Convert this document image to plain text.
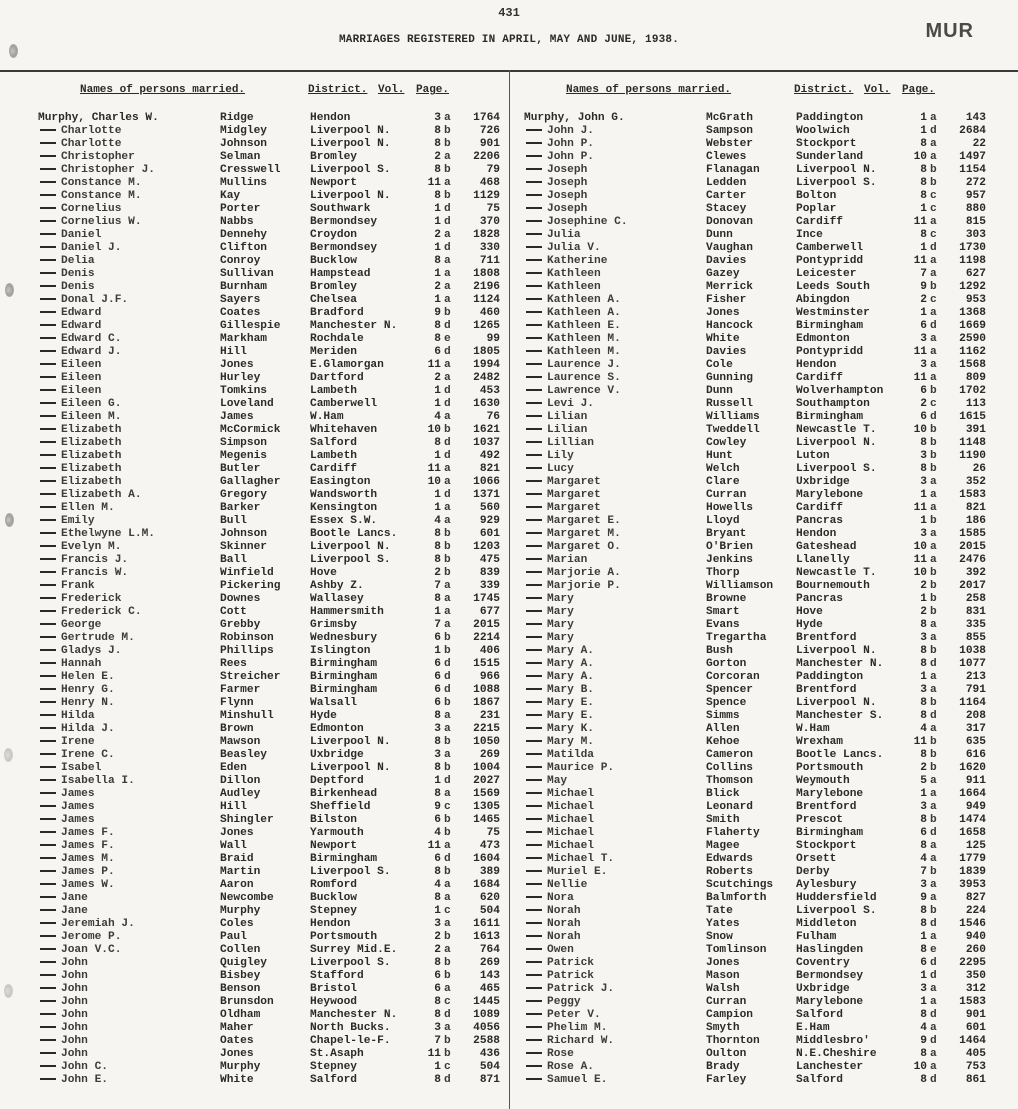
431
MARRIAGES REGISTERED IN APRIL, MAY AND JUNE, 1938.	MUR
Names of persons married.	District. Vol.	Page.
Murphy, Charles W.	Ridge	Hendon	3 a	1764
Charlotte	Midgley	Liverpool N.	8 b	726
Charlotte	Johnson	Liverpool N.	8 b	901
Christopher	Selman	Bromley	2 a	2206
Christopher J.	Cresswell	Liverpool S.	8 b	79
Constance M.	Mullins	Newport	11 a	468
Constance M.	Kay	Liverpool N.	8 b	1129
Cornelius	Porter	Southwark	1 d	75
Cornelius W.	Nabbs	Bermondsey	1 d	370
Daniel	Dennehy	Croydon	2 a	1828
Daniel J.	Clifton	Bermondsey	1 d	330
Delia	Conroy	Bucklow	8 a	711
Denis	Sullivan	Hampstead	1 a	1808
Denis	Burnham	Bromley	2 a	2196
Donal J.F.	Sayers	Chelsea	1 a	1124
Edward	Coates	Bradford	9 b	460
Edward	Gillespie	Manchester N.	8 d	1265
Edward C.	Markham	Rochdale	8 e	99
Edward J.	Hill	Meriden	6 d	1805
Eileen	Jones	E.Glamorgan	11 a	1994
Eileen	Hurley	Dartford	2 a	2482
Eileen	Tomkins	Lambeth	1 d	453
Eileen G.	Loveland	Camberwell	1 d	1630
Eileen M.	James	W.Ham	4 a	76
Elizabeth	McCormick	Whitehaven	10 b	1621
Elizabeth	Simpson	Salford	8 d	1037
Elizabeth	Megenis	Lambeth	1 d	492
Elizabeth	Butler	Cardiff	11 a	821
Elizabeth	Gallagher	Easington	10 a	1066
Elizabeth A.	Gregory	Wandsworth	1 d	1371
Ellen M.	Barker	Kensington	1 a	560
Emily	Bull	Essex S.W.	4 a	929
Ethelwyne L.M.	Johnson	Bootle Lancs.	8 b	601
Evelyn M.	Skinner	Liverpool N.	8 b	1203
Francis J.	Ball	Liverpool S.	8 b	475
Francis W.	Winfield	Hove	2 b	839
Frank	Pickering	Ashby Z.	7 a	339
Frederick	Downes	Wallasey	8 a	1745
Frederick C.	Cott	Hammersmith	1 a	677
George	Grebby	Grimsby	7 a	2015
Gertrude M.	Robinson	Wednesbury	6 b	2214
Gladys J.	Phillips	Islington	1 b	406
Hannah	Rees	Birmingham	6 d	1515
Helen E.	Streicher	Birmingham	6 d	966
Henry G.	Farmer	Birmingham	6 d	1088
Henry N.	Flynn	Walsall	6 b	1867
Hilda	Minshull	Hyde	8 a	231
Hilda J.	Brown	Edmonton	3 a	2215
Irene	Mawson	Liverpool N.	8 b	1050
Irene C.	Beasley	Uxbridge	3 a	269
Isabel	Eden	Liverpool N.	8 b	1004
Isabella I.	Dillon	Deptford	1 d	2027
James	Audley	Birkenhead	8 a	1569
James	Hill	Sheffield	9 c	1305
James	Shingler	Bilston	6 b	1465
James F.	Jones	Yarmouth	4 b	75
James F.	Wall	Newport	11 a	473
James M.	Braid	Birmingham	6 d	1604
James P.	Martin	Liverpool S.	8 b	389
James W.	Aaron	Romford	4 a	1684
Jane	Newcombe	Bucklow	8 a	620
Jane	Murphy	Stepney	1 c	504
Jeremiah J.	Coles	Hendon	3 a	1611
Jerome P.	Paul	Portsmouth	2 b	1613
Joan V.C.	Collen	Surrey Mid.E.	2 a	764
John	Quigley	Liverpool S.	8 b	269
John	Bisbey	Stafford	6 b	143
John	Benson	Bristol	6 a	465
John	Brunsdon	Heywood	8 c	1445
John	Oldham	Manchester N.	8 d	1089
John	Maher	North Bucks.	3 a	4056
John	Oates	Chapel-le-F.	7 b	2588
John	Jones	St.Asaph	11 b	436
John C.	Murphy	Stepney	1 c	504
John E.	White	Salford	8 d	871
Names of persons married.	District. Vol.	Page.
Murphy, John G.	McGrath	Paddington	1 a	143
John J.	Sampson	Woolwich	1 d	2684
John P.	Webster	Stockport	8 a	22
John P.	Clewes	Sunderland	10 a	1497
Joseph	Flanagan	Liverpool N.	8 b	1154
Joseph	Ledden	Liverpool S.	8 b	272
Joseph	Carter	Bolton	8 c	957
Joseph	Stacey	Poplar	1 c	880
Josephine C.	Donovan	Cardiff	11 a	815
Julia	Dunn	Ince	8 c	303
Julia V.	Vaughan	Camberwell	1 d	1730
Katherine	Davies	Pontypridd	11 a	1198
Kathleen	Gazey	Leicester	7 a	627
Kathleen	Merrick	Leeds South	9 b	1292
Kathleen A.	Fisher	Abingdon	2 c	953
Kathleen A.	Jones	Westminster	1 a	1368
Kathleen E.	Hancock	Birmingham	6 d	1669
Kathleen M.	White	Edmonton	3 a	2590
Kathleen M.	Davies	Pontypridd	11 a	1162
Laurence J.	Cole	Hendon	3 a	1568
Laurence S.	Gunning	Cardiff	11 a	809
Lawrence V.	Dunn	Wolverhampton	6 b	1702
Levi J.	Russell	Southampton	2 c	113
Lilian	Williams	Birmingham	6 d	1615
Lilian	Tweddell	Newcastle T.	10 b	391
Lillian	Cowley	Liverpool N.	8 b	1148
Lily	Hunt	Luton	3 b	1190
Lucy	Welch	Liverpool S.	8 b	26
Margaret	Clare	Uxbridge	3 a	352
Margaret	Curran	Marylebone	1 a	1583
Margaret	Howells	Cardiff	11 a	821
Margaret E.	Lloyd	Pancras	1 b	186
Margaret M.	Bryant	Hendon	3 a	1585
Margaret O.	O'Brien	Gateshead	10 a	2015
Marian	Jenkins	Llanelly	11 a	2476
Marjorie A.	Thorp	Newcastle T.	10 b	392
Marjorie P.	Williamson	Bournemouth	2 b	2017
Mary	Browne	Pancras	1 b	258
Mary	Smart	Hove	2 b	831
Mary	Evans	Hyde	8 a	335
Mary	Tregartha	Brentford	3 a	855
Mary A.	Bush	Liverpool N.	8 b	1038
Mary A.	Gorton	Manchester N.	8 d	1077
Mary A.	Corcoran	Paddington	1 a	213
Mary B.	Spencer	Brentford	3 a	791
Mary E.	Spence	Liverpool N.	8 b	1164
Mary E.	Simms	Manchester S.	8 d	208
Mary K.	Allen	W.Ham	4 a	317
Mary M.	Kehoe	Wrexham	11 b	635
Matilda	Cameron	Bootle Lancs.	8 b	616
Maurice P.	Collins	Portsmouth	2 b	1620
May	Thomson	Weymouth	5 a	911
Michael	Blick	Marylebone	1 a	1664
Michael	Leonard	Brentford	3 a	949
Michael	Smith	Prescot	8 b	1474
Michael	Flaherty	Birmingham	6 d	1658
Michael	Magee	Stockport	8 a	125
Michael T.	Edwards	Orsett	4 a	1779
Muriel E.	Roberts	Derby	7 b	1839
Nellie	Scutchings	Aylesbury	3 a	3953
Nora	Balmforth	Huddersfield	9 a	827
Norah	Tate	Liverpool S.	8 b	224
Norah	Yates	Middleton	8 d	1546
Norah	Snow	Fulham	1 a	940
Owen	Tomlinson	Haslingden	8 e	260
Patrick	Jones	Coventry	6 d	2295
Patrick	Mason	Bermondsey	1 d	350
Patrick J.	Walsh	Uxbridge	3 a	312
Peggy	Curran	Marylebone	1 a	1583
Peter V.	Campion	Salford	8 d	901
Phelim M.	Smyth	E.Ham	4 a	601
Richard W.	Thornton	Middlesbro'	9 d	1464
Rose	Oulton	N.E.Cheshire	8 a	405
Rose A.	Brady	Lanchester	10 a	753
Samuel E.	Farley	Salford	8 d	861
